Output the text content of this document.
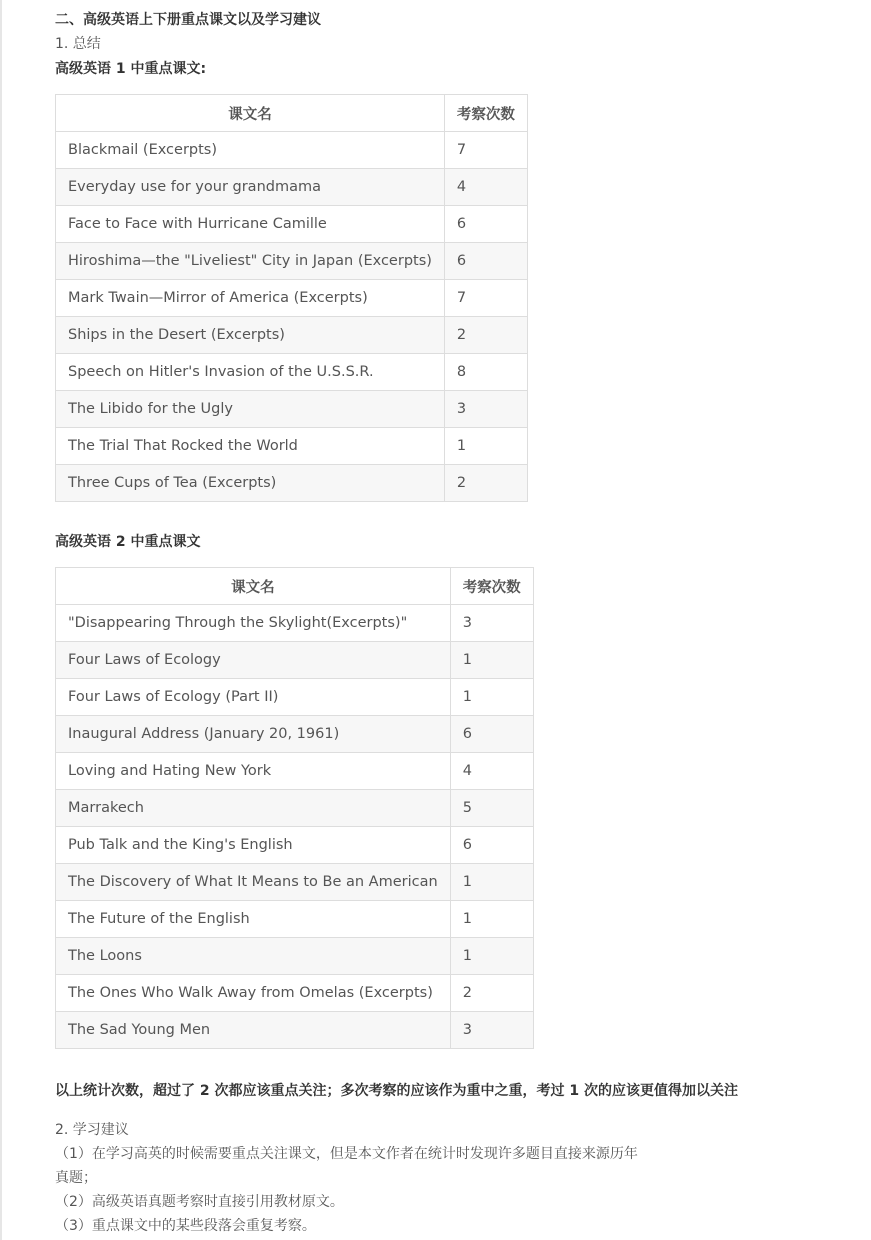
二、高级英语上下册重点课文以及学习建议
1. 总结
高级英语 1 中重点课文:
课文名	考察次数
Blackmail (Excerpts)	7
Everyday use for your grandmama	4
Face to Face with Hurricane Camille	6
Hiroshima—the "Liveliest" City in Japan (Excerpts)	6
Mark Twain—Mirror of America (Excerpts)	7
Ships in the Desert (Excerpts)	2
Speech on Hitler's Invasion of the U.S.S.R.	8
The Libido for the Ugly	3
The Trial That Rocked the World	1
Three Cups of Tea (Excerpts)	2
高级英语 2 中重点课文
课文名	考察次数
"Disappearing Through the Skylight(Excerpts)"	3
Four Laws of Ecology	1
Four Laws of Ecology (Part II)	1
Inaugural Address (January 20, 1961)	6
Loving and Hating New York	4
Marrakech	5
Pub Talk and the King's English	6
The Discovery of What It Means to Be an American	1
The Future of the English	1
The Loons	1
The Ones Who Walk Away from Omelas (Excerpts)	2
The Sad Young Men	3
以上统计次数，超过了 2 次都应该重点关注；多次考察的应该作为重中之重，考过 1 次的应该更值得加以关注
2. 学习建议
（1）在学习高英的时候需要重点关注课文，但是本文作者在统计时发现许多题目直接来源历年
真题；
（2）高级英语真题考察时直接引用教材原文。
（3）重点课文中的某些段落会重复考察。
